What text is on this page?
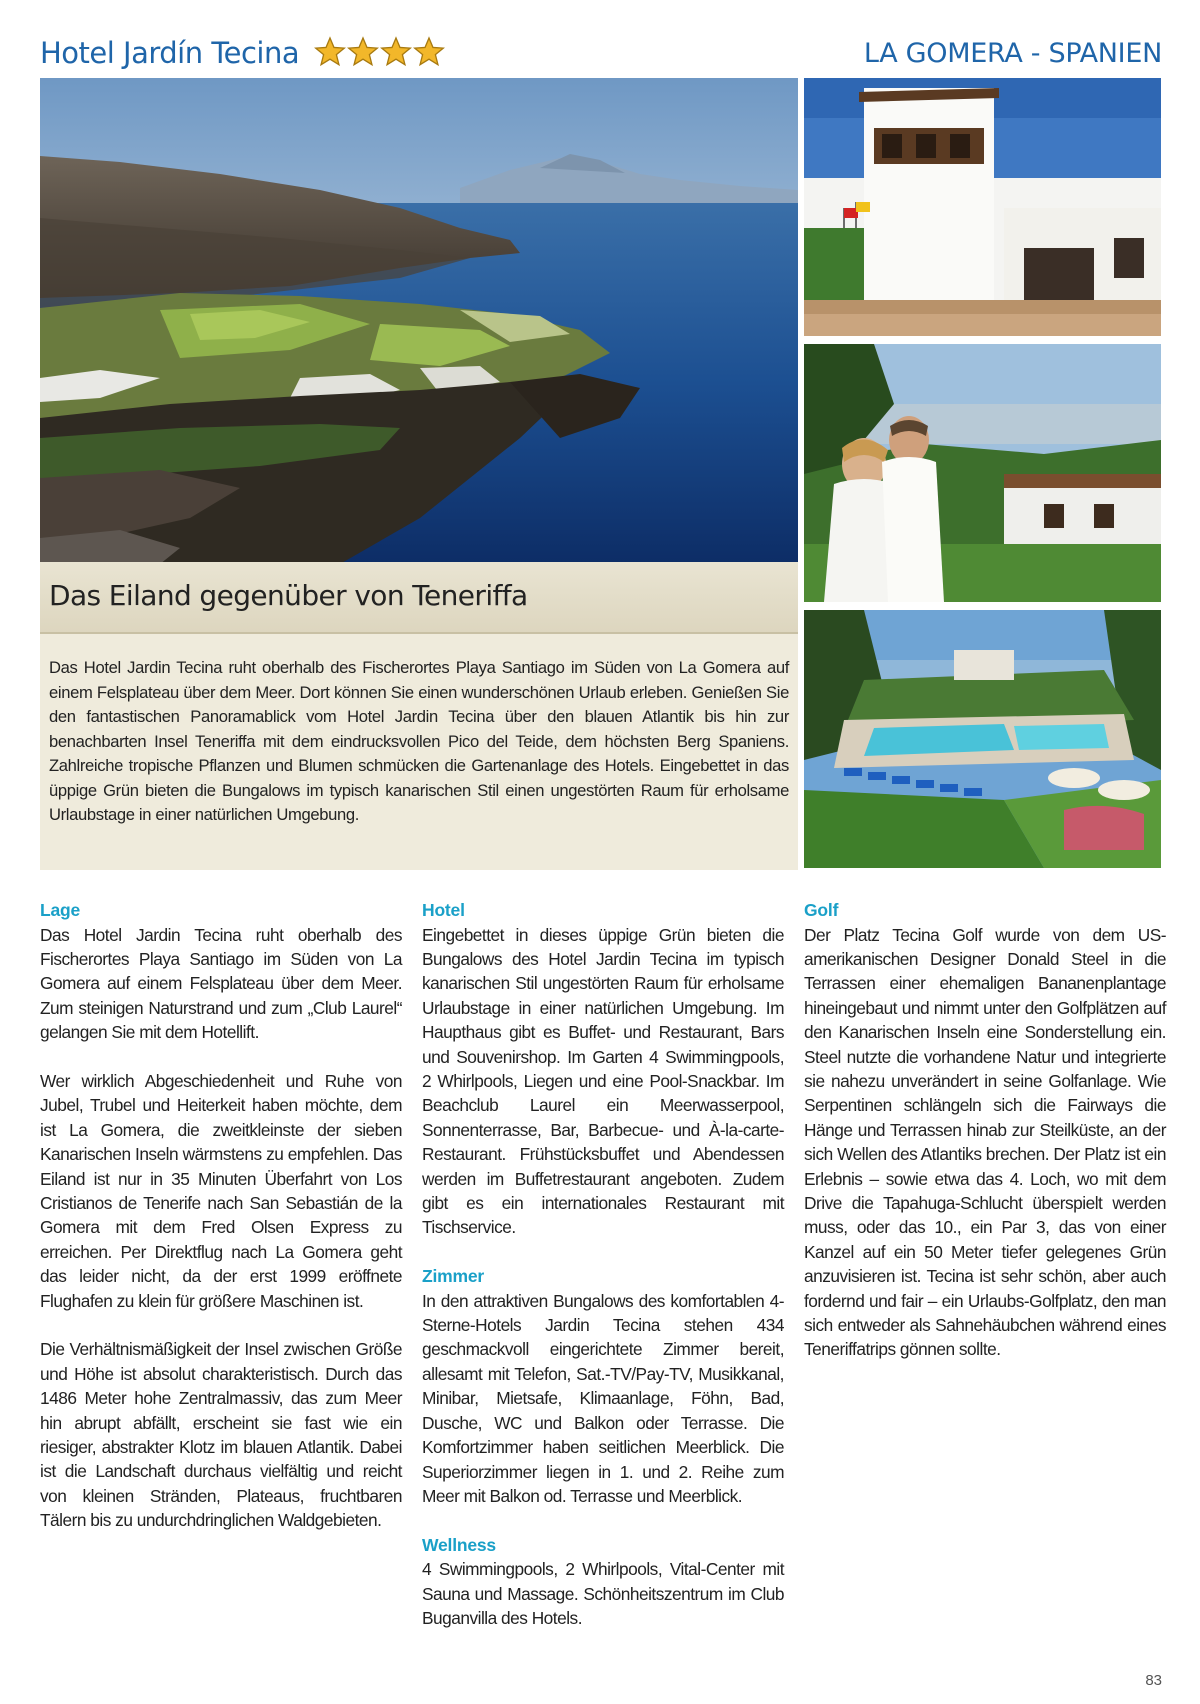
Hotel Jardín Tecina	LA GOMERA - SPANIEN
Das Eiland gegenüber von Teneriffa

Das Hotel Jardin Tecina ruht oberhalb des Fischerortes Playa Santiago im Süden von La Gomera auf einem Felsplateau über dem Meer. Dort können Sie einen wunderschönen Urlaub erleben. Genießen Sie den fantastischen Panoramablick vom Hotel Jardin Tecina über den blauen Atlantik bis hin zur benachbarten Insel Teneriffa mit dem eindrucksvollen Pico del Teide, dem höchsten Berg Spaniens. Zahlreiche tropische Pflanzen und Blumen schmücken die Gartenanlage des Hotels. Eingebettet in das üppige Grün bieten die Bungalows im typisch kanarischen Stil einen ungestörten Raum für erholsame Urlaubstage in einer natürlichen Umgebung.

Lage

Das Hotel Jardin Tecina ruht oberhalb des Fischerortes Playa Santiago im Süden von La Gomera auf einem Felsplateau über dem Meer. Zum steinigen Naturstrand und zum „Club Laurel“ gelangen Sie mit dem Hotellift.

Wer wirklich Abgeschiedenheit und Ruhe von Jubel, Trubel und Heiterkeit haben möchte, dem ist La Gomera, die zweitkleinste der sieben Kanarischen Inseln wärmstens zu empfehlen. Das Eiland ist nur in 35 Minuten Überfahrt von Los Cristianos de Tenerife nach San Sebastián de la Gomera mit dem Fred Olsen Express zu erreichen. Per Direktflug nach La Gomera geht das leider nicht, da der erst 1999 eröffnete Flughafen zu klein für größere Maschinen ist.

Die Verhältnismäßigkeit der Insel zwischen Größe und Höhe ist absolut charakteristisch. Durch das 1486 Meter hohe Zentralmassiv, das zum Meer hin abrupt abfällt, erscheint sie fast wie ein riesiger, abstrakter Klotz im blauen Atlantik. Dabei ist die Landschaft durchaus vielfältig und reicht von kleinen Stränden, Plateaus, fruchtbaren Tälern bis zu undurchdringlichen Waldgebieten.

Hotel

Eingebettet in dieses üppige Grün bieten die Bungalows des Hotel Jardin Tecina im typisch kanarischen Stil ungestörten Raum für erholsame Urlaubstage in einer natürlichen Umgebung. Im Haupthaus gibt es Buffet- und Restaurant, Bars und Souvenirshop. Im Garten 4 Swimmingpools, 2 Whirlpools, Liegen und eine Pool-Snackbar. Im Beachclub Laurel ein Meerwasserpool, Sonnenterrasse, Bar, Barbecue- und À-la-carte-Restaurant. Frühstücksbuffet und Abendessen werden im Buffetrestaurant angeboten. Zudem gibt es ein internationales Restaurant mit Tischservice.

Zimmer

In den attraktiven Bungalows des komfortablen 4-Sterne-Hotels Jardin Tecina stehen 434 geschmackvoll eingerichtete Zimmer bereit, allesamt mit Telefon, Sat.-TV/Pay-TV, Musikkanal, Minibar, Mietsafe, Klimaanlage, Föhn, Bad, Dusche, WC und Balkon oder Terrasse. Die Komfortzimmer haben seitlichen Meerblick. Die Superiorzimmer liegen in 1. und 2. Reihe zum Meer mit Balkon od. Terrasse und Meerblick.

Wellness

4 Swimmingpools, 2 Whirlpools, Vital-Center mit Sauna und Massage. Schönheitszentrum im Club Buganvilla des Hotels.

Golf

Der Platz Tecina Golf wurde von dem US-amerikanischen Designer Donald Steel in die Terrassen einer ehemaligen Bananenplantage hineingebaut und nimmt unter den Golfplätzen auf den Kanarischen Inseln eine Sonderstellung ein. Steel nutzte die vorhandene Natur und integrierte sie nahezu unverändert in seine Golfanlage. Wie Serpentinen schlängeln sich die Fairways die Hänge und Terrassen hinab zur Steilküste, an der sich Wellen des Atlantiks brechen. Der Platz ist ein Erlebnis – sowie etwa das 4. Loch, wo mit dem Drive die Tapahuga-Schlucht überspielt werden muss, oder das 10., ein Par 3, das von einer Kanzel auf ein 50 Meter tiefer gelegenes Grün anzuvisieren ist. Tecina ist sehr schön, aber auch fordernd und fair – ein Urlaubs-Golfplatz, den man sich entweder als Sahnehäubchen während eines Teneriffatrips gönnen sollte.

83
